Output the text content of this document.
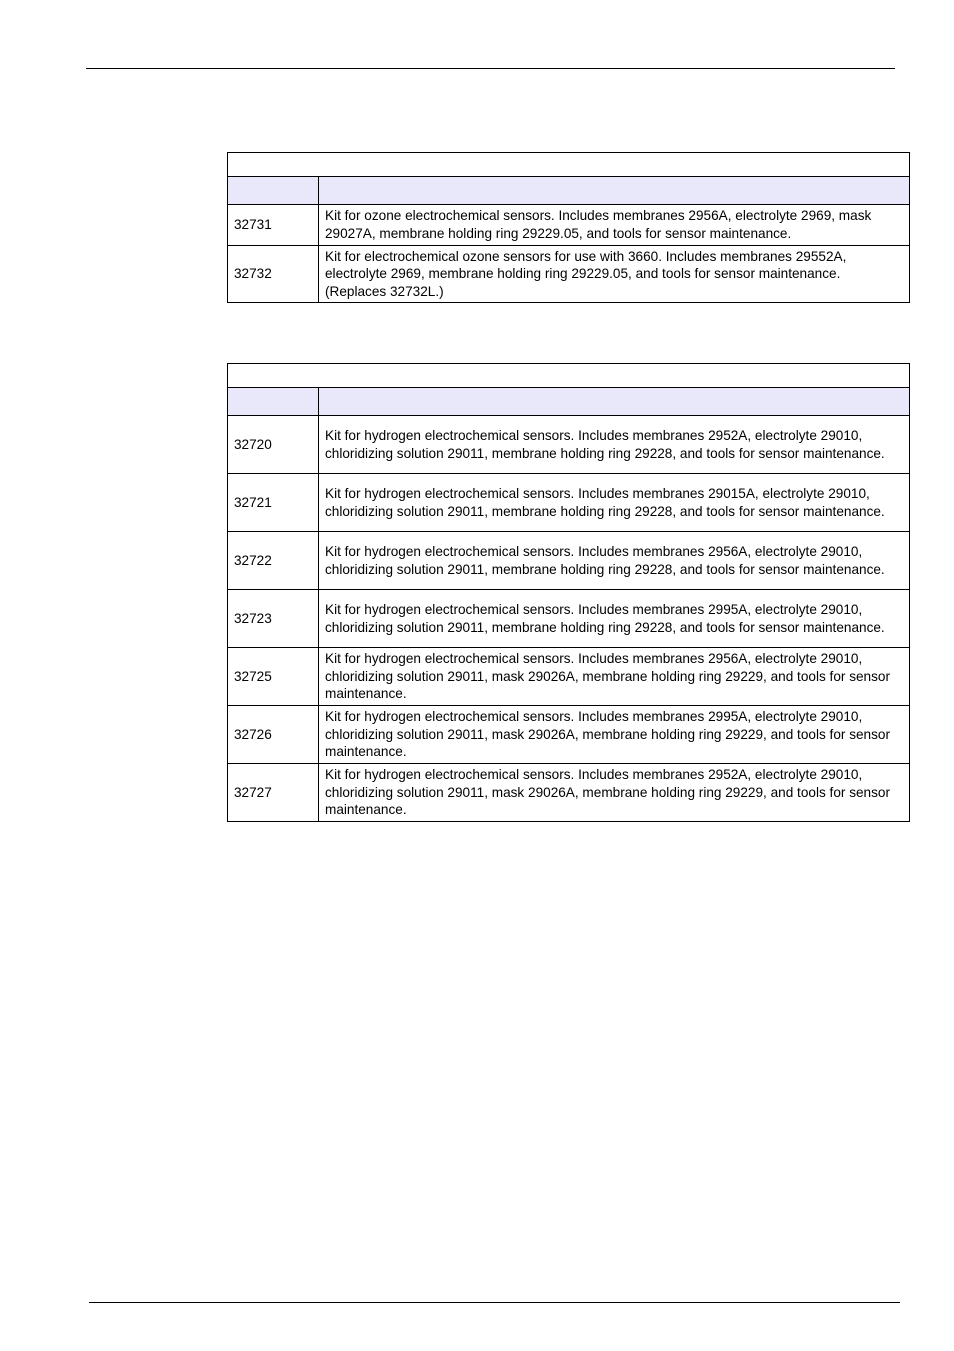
32731	Kit for ozone electrochemical sensors. Includes membranes 2956A, electrolyte 2969, mask 29027A, membrane holding ring 29229.05, and tools for sensor maintenance.
32732	Kit for electrochemical ozone sensors for use with 3660. Includes membranes 29552A, electrolyte 2969, membrane holding ring 29229.05, and tools for sensor maintenance. (Replaces 32732L.)

32720	Kit for hydrogen electrochemical sensors. Includes membranes 2952A, electrolyte 29010, chloridizing solution 29011, membrane holding ring 29228, and tools for sensor maintenance.
32721	Kit for hydrogen electrochemical sensors. Includes membranes 29015A, electrolyte 29010, chloridizing solution 29011, membrane holding ring 29228, and tools for sensor maintenance.
32722	Kit for hydrogen electrochemical sensors. Includes membranes 2956A, electrolyte 29010, chloridizing solution 29011, membrane holding ring 29228, and tools for sensor maintenance.
32723	Kit for hydrogen electrochemical sensors. Includes membranes 2995A, electrolyte 29010, chloridizing solution 29011, membrane holding ring 29228, and tools for sensor maintenance.
32725	Kit for hydrogen electrochemical sensors. Includes membranes 2956A, electrolyte 29010, chloridizing solution 29011, mask 29026A, membrane holding ring 29229, and tools for sensor maintenance.
32726	Kit for hydrogen electrochemical sensors. Includes membranes 2995A, electrolyte 29010, chloridizing solution 29011, mask 29026A, membrane holding ring 29229, and tools for sensor maintenance.
32727	Kit for hydrogen electrochemical sensors. Includes membranes 2952A, electrolyte 29010, chloridizing solution 29011, mask 29026A, membrane holding ring 29229, and tools for sensor maintenance.
